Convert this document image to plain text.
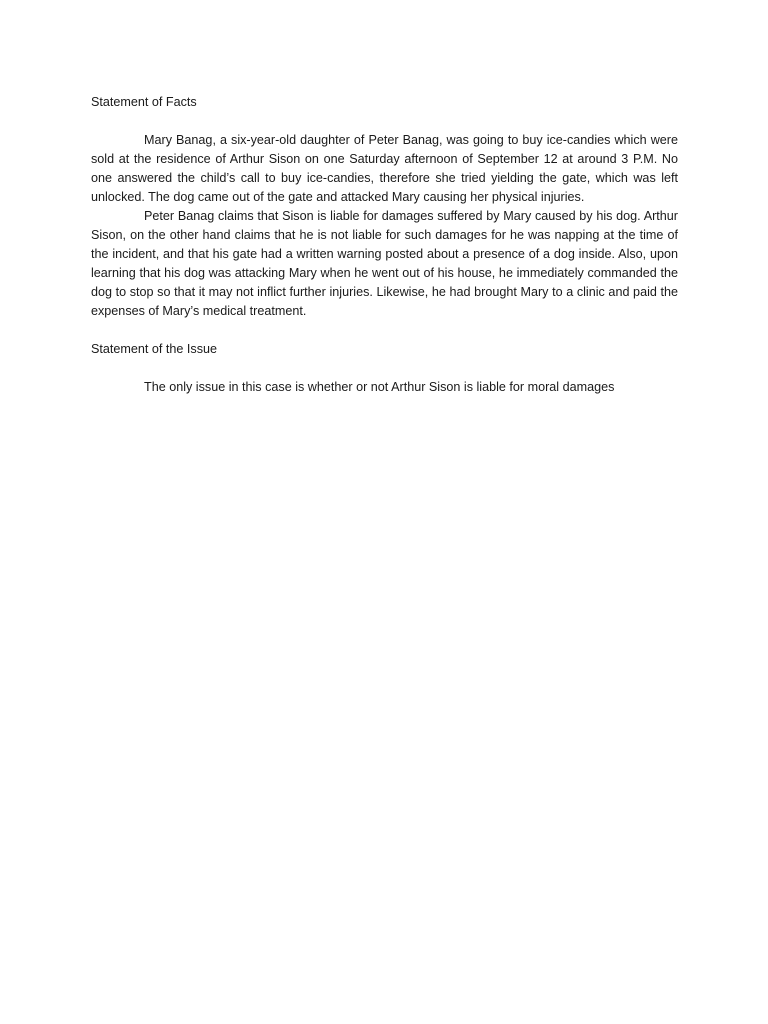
Statement of Facts

Mary Banag, a six-year-old daughter of Peter Banag, was going to buy ice-candies which were sold at the residence of Arthur Sison on one Saturday afternoon of September 12 at around 3 P.M. No one answered the child’s call to buy ice-candies, therefore she tried yielding the gate, which was left unlocked. The dog came out of the gate and attacked Mary causing her physical injuries.

Peter Banag claims that Sison is liable for damages suffered by Mary caused by his dog. Arthur Sison, on the other hand claims that he is not liable for such damages for he was napping at the time of the incident, and that his gate had a written warning posted about a presence of a dog inside. Also, upon learning that his dog was attacking Mary when he went out of his house, he immediately commanded the dog to stop so that it may not inflict further injuries. Likewise, he had brought Mary to a clinic and paid the expenses of Mary’s medical treatment.

Statement of the Issue

The only issue in this case is whether or not Arthur Sison is liable for moral damages
